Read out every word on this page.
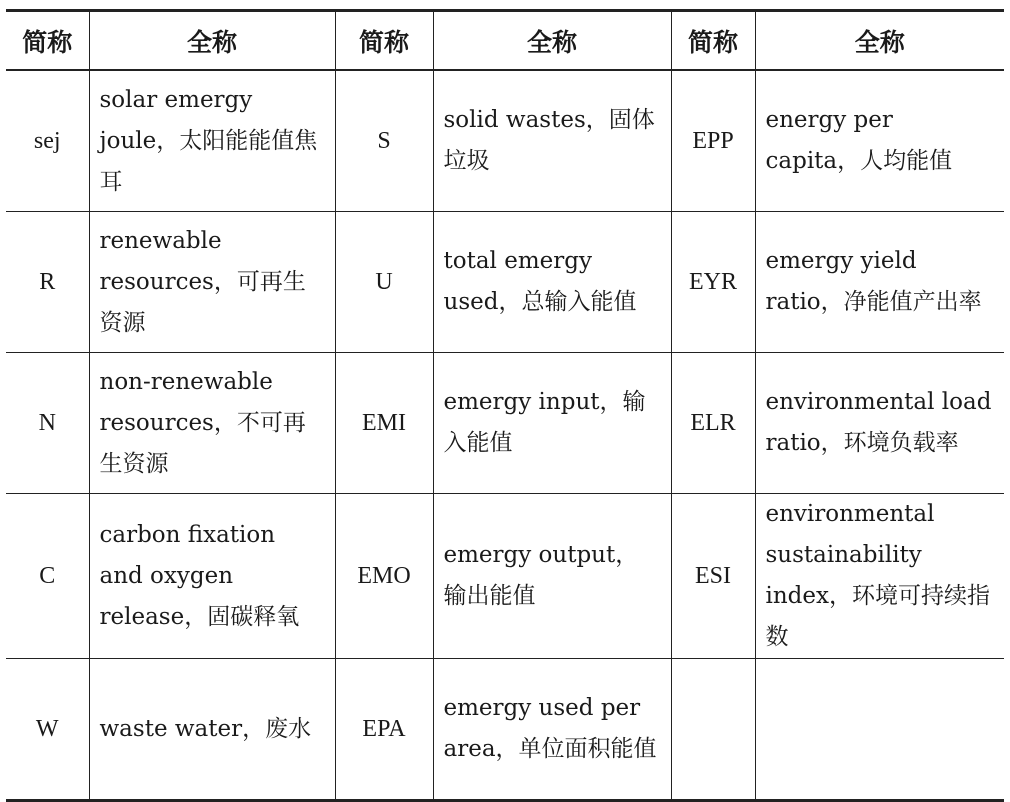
简称	全称	简称	全称	简称	全称
sej	solar emergy joule，太阳能能值焦耳	S	solid wastes，固体垃圾	EPP	energy per capita，人均能值
R	renewable resources，可再生资源	U	total emergy used，总输入能值	EYR	emergy yield ratio，净能值产出率
N	non-renewable resources，不可再生资源	EMI	emergy input，输入能值	ELR	environmental load ratio，环境负载率
C	carbon fixation and oxygen release，固碳释氧	EMO	emergy output，输出能值	ESI	environmental sustainability index，环境可持续指数
W	waste water，废水	EPA	emergy used per area，单位面积能值		
